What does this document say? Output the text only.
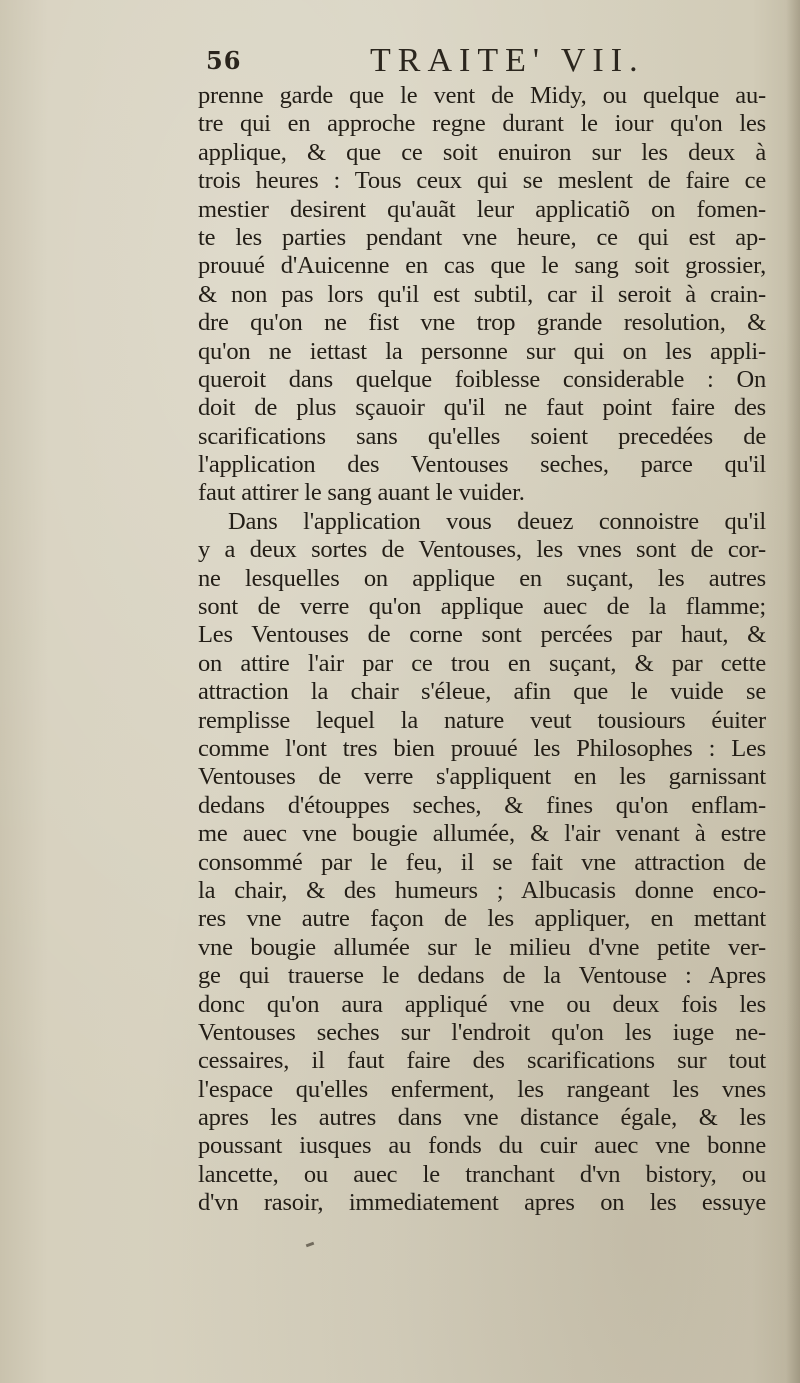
56	TRAITE' VII.
prenne garde que le vent de Midy, ou quelque au-
tre qui en approche regne durant le iour qu'on les
applique, & que ce soit enuiron sur les deux à
trois heures : Tous ceux qui se meslent de faire ce
mestier desirent qu'auãt leur applicatiõ on fomen-
te les parties pendant vne heure, ce qui est ap-
prouué d'Auicenne en cas que le sang soit grossier,
& non pas lors qu'il est subtil, car il seroit à crain-
dre qu'on ne fist vne trop grande resolution, &
qu'on ne iettast la personne sur qui on les appli-
queroit dans quelque foiblesse considerable : On
doit de plus sçauoir qu'il ne faut point faire des
scarifications sans qu'elles soient precedées de
l'application des Ventouses seches, parce qu'il
faut attirer le sang auant le vuider.
Dans l'application vous deuez connoistre qu'il
y a deux sortes de Ventouses, les vnes sont de cor-
ne lesquelles on applique en suçant, les autres
sont de verre qu'on applique auec de la flamme;
Les Ventouses de corne sont percées par haut, &
on attire l'air par ce trou en suçant, & par cette
attraction la chair s'éleue, afin que le vuide se
remplisse lequel la nature veut tousiours éuiter
comme l'ont tres bien prouué les Philosophes : Les
Ventouses de verre s'appliquent en les garnissant
dedans d'étouppes seches, & fines qu'on enflam-
me auec vne bougie allumée, & l'air venant à estre
consommé par le feu, il se fait vne attraction de
la chair, & des humeurs ; Albucasis donne enco-
res vne autre façon de les appliquer, en mettant
vne bougie allumée sur le milieu d'vne petite ver-
ge qui trauerse le dedans de la Ventouse : Apres
donc qu'on aura appliqué vne ou deux fois les
Ventouses seches sur l'endroit qu'on les iuge ne-
cessaires, il faut faire des scarifications sur tout
l'espace qu'elles enferment, les rangeant les vnes
apres les autres dans vne distance égale, & les
poussant iusques au fonds du cuir auec vne bonne
lancette, ou auec le tranchant d'vn bistory, ou
d'vn rasoir, immediatement apres on les essuye
